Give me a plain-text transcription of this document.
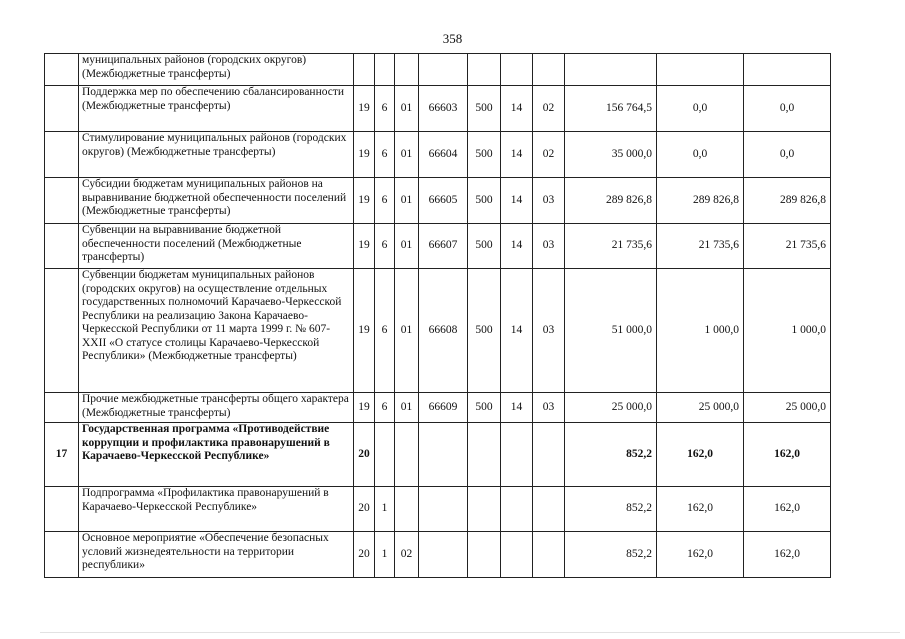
358
	муниципальных районов (городских округов) (Межбюджетные трансферты)										
	Поддержка мер по обеспечению сбалансированности (Межбюджетные трансферты)	19	6	01	66603	500	14	02	156 764,5	0,0	0,0
	Стимулирование муниципальных районов (городских округов) (Межбюджетные трансферты)	19	6	01	66604	500	14	02	35 000,0	0,0	0,0
	Субсидии бюджетам муниципальных районов на выравнивание бюджетной обеспеченности поселений (Межбюджетные трансферты)	19	6	01	66605	500	14	03	289 826,8	289 826,8	289 826,8
	Субвенции на выравнивание бюджетной обеспеченности поселений (Межбюджетные трансферты)	19	6	01	66607	500	14	03	21 735,6	21 735,6	21 735,6
	Субвенции бюджетам муниципальных районов (городских округов) на осуществление отдельных государственных полномочий Карачаево-Черкесской Республики на реализацию Закона Карачаево-Черкесской Республики от 11 марта 1999 г. № 607-XXII «О статусе столицы Карачаево-Черкесской Республики» (Межбюджетные трансферты)	19	6	01	66608	500	14	03	51 000,0	1 000,0	1 000,0
	Прочие межбюджетные трансферты общего характера (Межбюджетные трансферты)	19	6	01	66609	500	14	03	25 000,0	25 000,0	25 000,0
17	Государственная программа «Противодействие коррупции и профилактика правонарушений в Карачаево-Черкесской Республике»	20							852,2	162,0	162,0
	Подпрограмма «Профилактика правонарушений в Карачаево-Черкесской Республике»	20	1						852,2	162,0	162,0
	Основное мероприятие «Обеспечение безопасных условий жизнедеятельности на территории республики»	20	1	02					852,2	162,0	162,0
